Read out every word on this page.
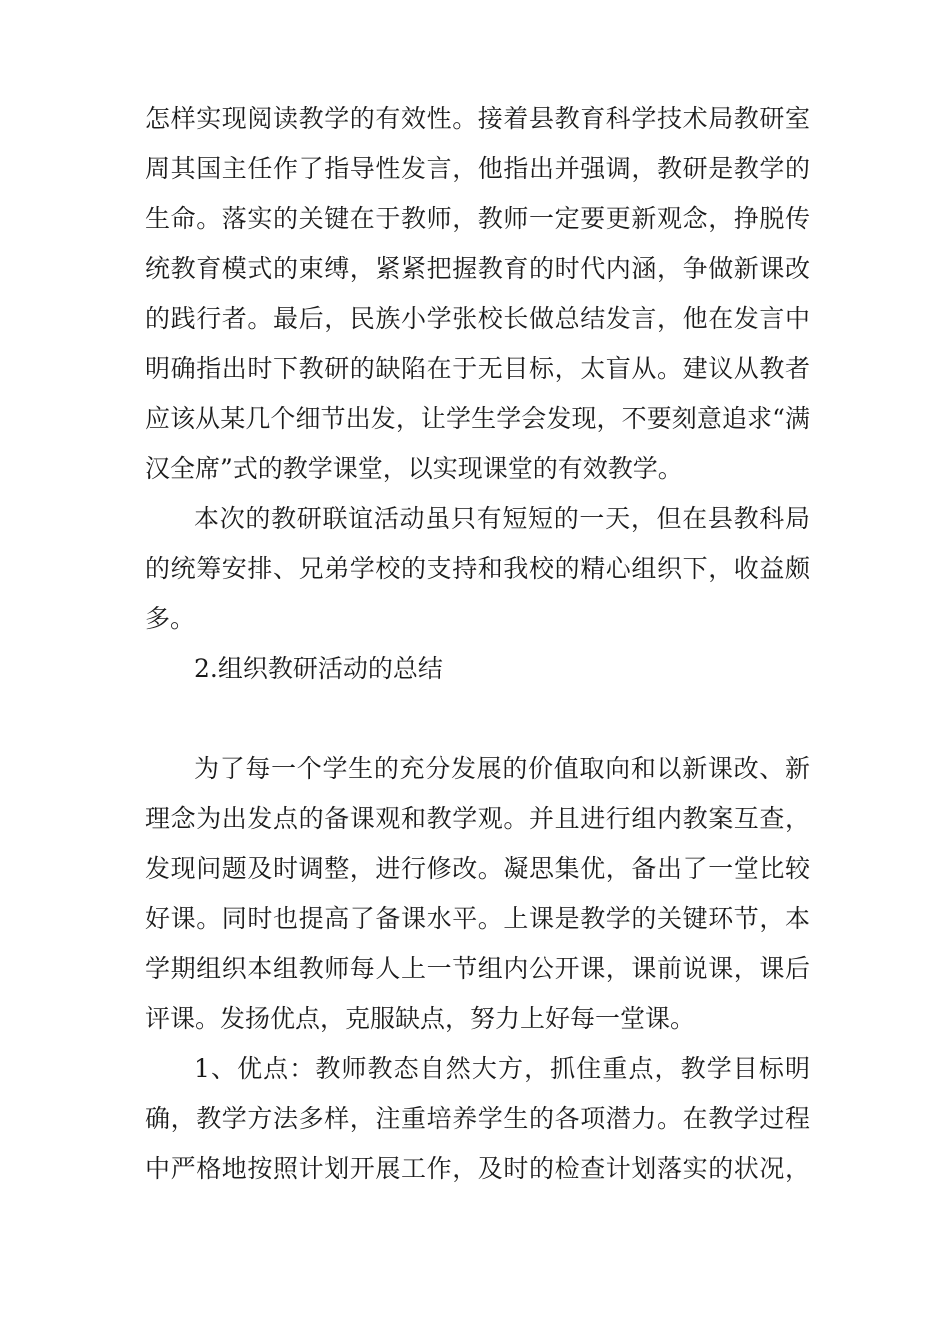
怎样实现阅读教学的有效性。接着县教育科学技术局教研室
周其国主任作了指导性发言，他指出并强调，教研是教学的
生命。落实的关键在于教师，教师一定要更新观念，挣脱传
统教育模式的束缚，紧紧把握教育的时代内涵，争做新课改
的践行者。最后，民族小学张校长做总结发言，他在发言中
明确指出时下教研的缺陷在于无目标，太盲从。建议从教者
应该从某几个细节出发，让学生学会发现，不要刻意追求“满
汉全席”式的教学课堂，以实现课堂的有效教学。
本次的教研联谊活动虽只有短短的一天，但在县教科局
的统筹安排、兄弟学校的支持和我校的精心组织下，收益颇
多。
2.组织教研活动的总结
为了每一个学生的充分发展的价值取向和以新课改、新
理念为出发点的备课观和教学观。并且进行组内教案互查，
发现问题及时调整，进行修改。凝思集优，备出了一堂比较
好课。同时也提高了备课水平。上课是教学的关键环节，本
学期组织本组教师每人上一节组内公开课，课前说课，课后
评课。发扬优点，克服缺点，努力上好每一堂课。
1、优点：教师教态自然大方，抓住重点，教学目标明
确，教学方法多样，注重培养学生的各项潜力。在教学过程
中严格地按照计划开展工作，及时的检查计划落实的状况，
